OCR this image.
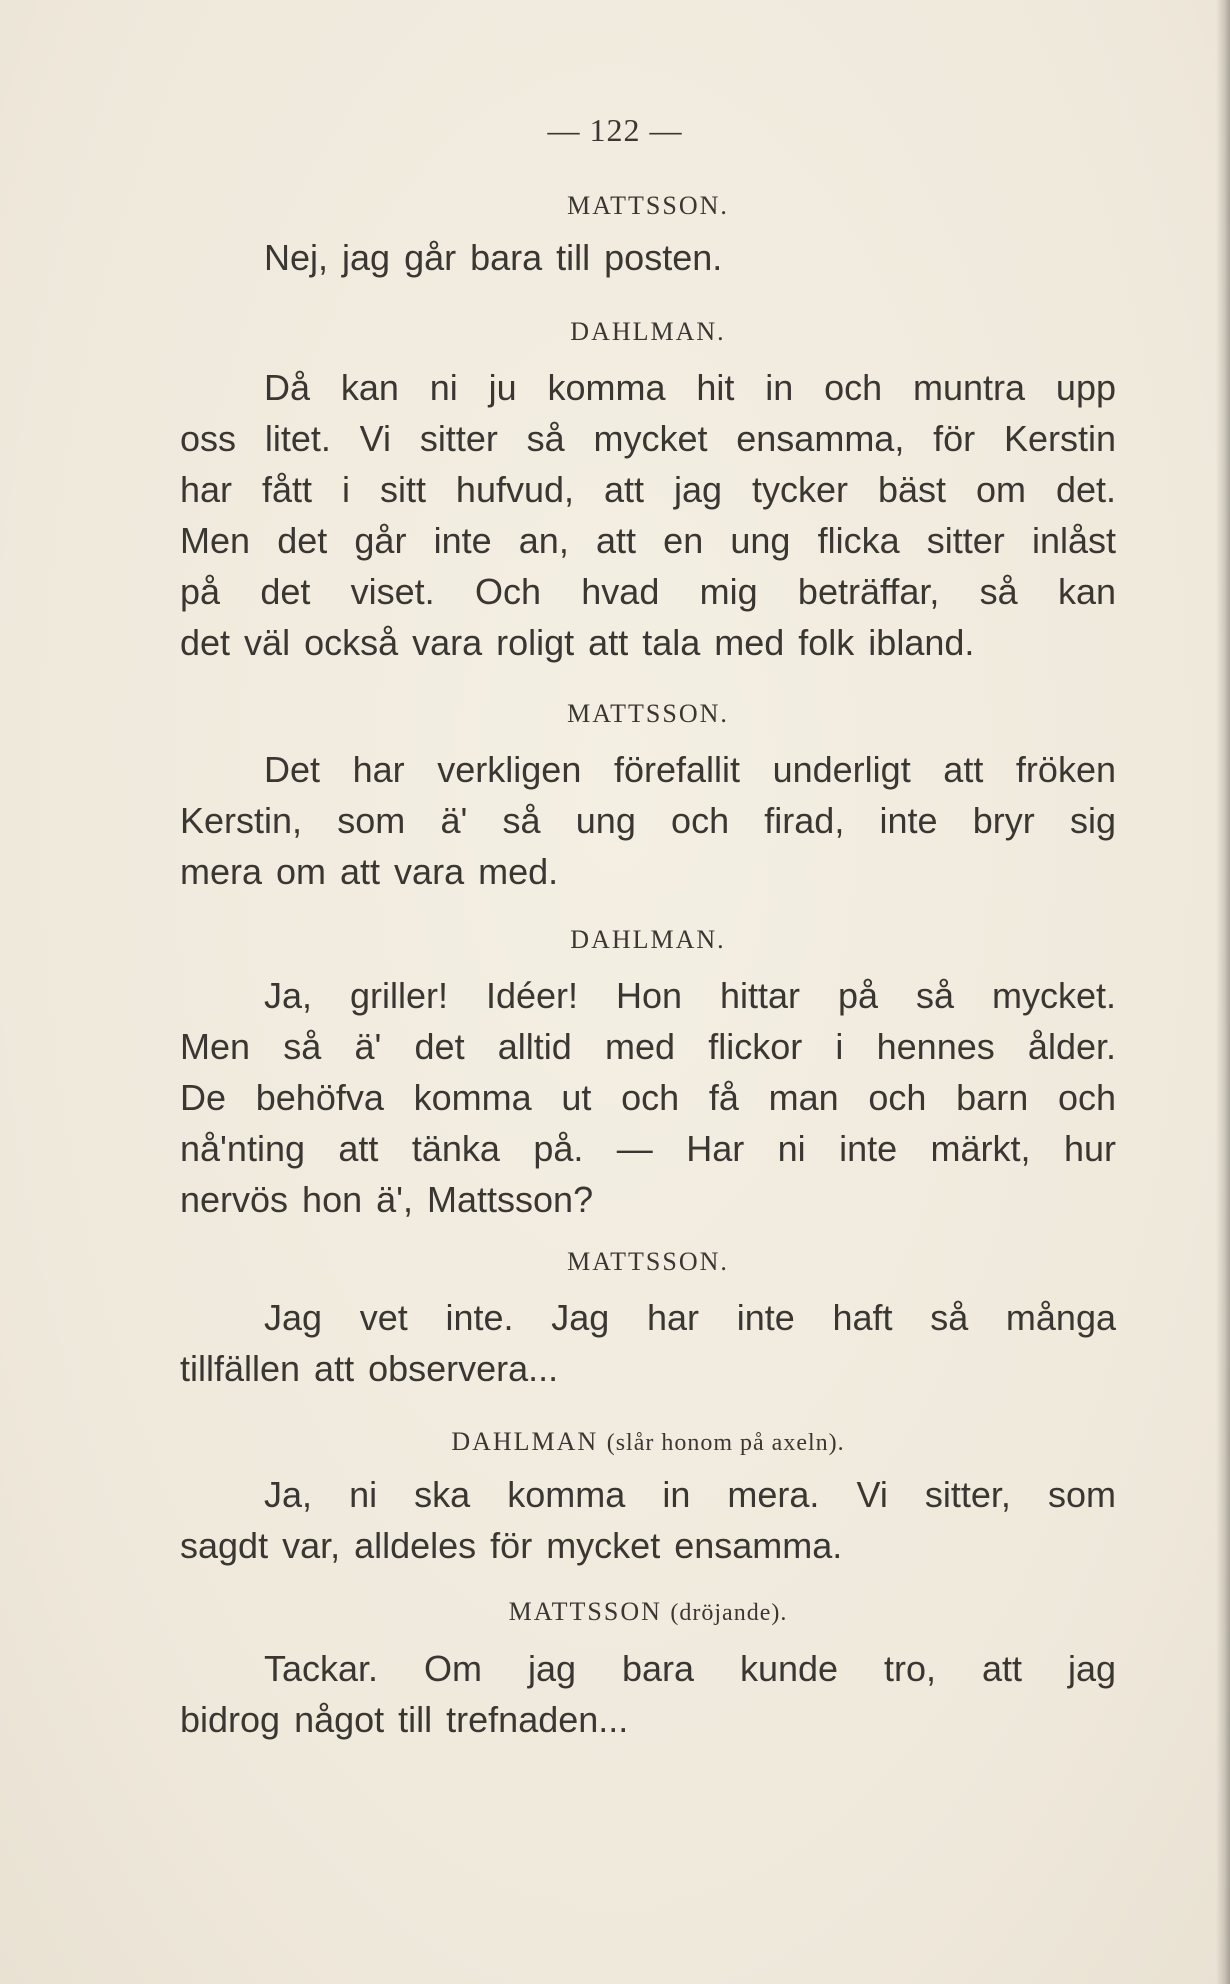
— 122 —

MATTSSON.

Nej, jag går bara till posten.

DAHLMAN.

Då kan ni ju komma hit in och muntra upp
oss litet. Vi sitter så mycket ensamma, för Kerstin
har fått i sitt hufvud, att jag tycker bäst om det.
Men det går inte an, att en ung flicka sitter inlåst
på det viset. Och hvad mig beträffar, så kan
det väl också vara roligt att tala med folk ibland.

MATTSSON.

Det har verkligen förefallit underligt att fröken
Kerstin, som ä' så ung och firad, inte bryr sig
mera om att vara med.

DAHLMAN.

Ja, griller! Idéer! Hon hittar på så mycket.
Men så ä' det alltid med flickor i hennes ålder.
De behöfva komma ut och få man och barn och
nå'nting att tänka på. — Har ni inte märkt, hur
nervös hon ä', Mattsson?

MATTSSON.

Jag vet inte. Jag har inte haft så många
tillfällen att observera...

DAHLMAN (slår honom på axeln).

Ja, ni ska komma in mera. Vi sitter, som
sagdt var, alldeles för mycket ensamma.

MATTSSON (dröjande).

Tackar. Om jag bara kunde tro, att jag
bidrog något till trefnaden...
